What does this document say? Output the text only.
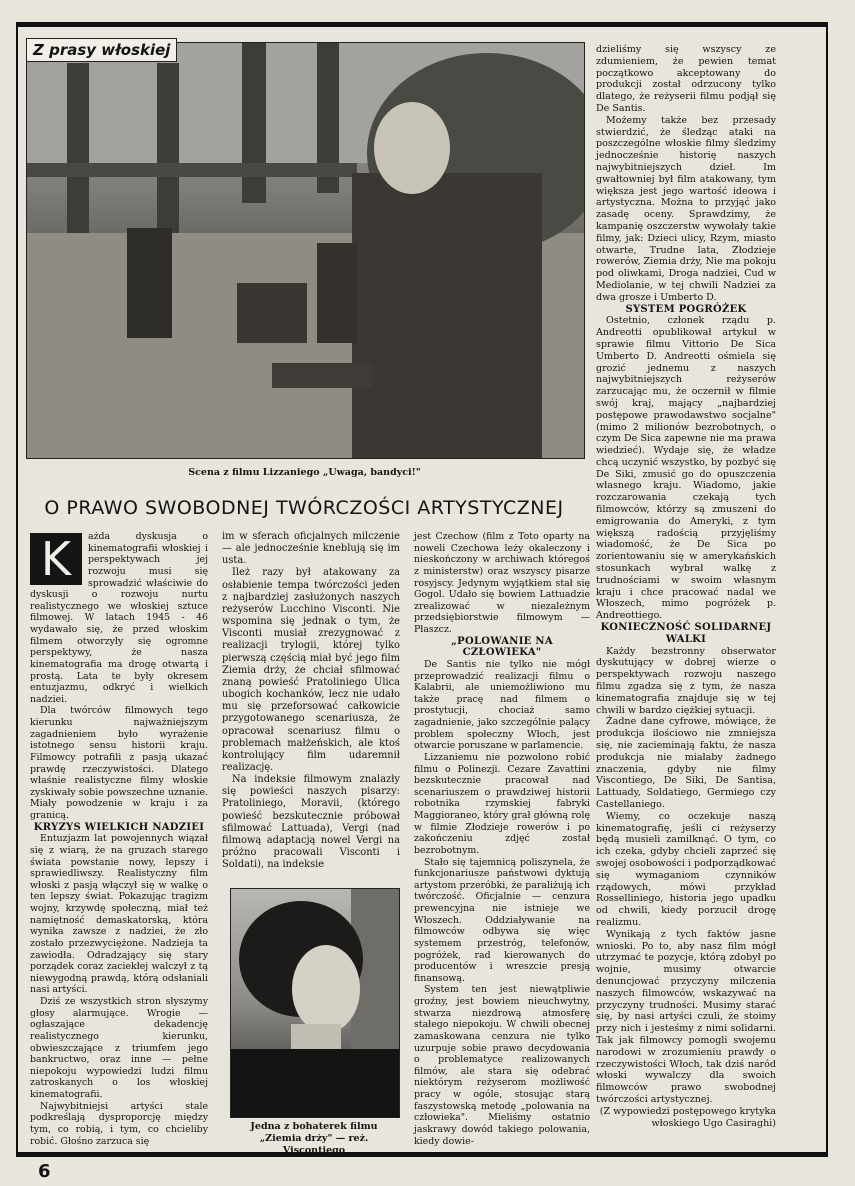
Z prasy włoskiej
Scena z filmu Lizzaniego „Uwaga, bandyci!"
O PRAWO SWOBODNEJ TWÓRCZOŚCI ARTYSTYCZNEJ

K	ażda dyskusja o kinematografii włoskiej i perspektywach jej rozwoju musi się sprowadzić właściwie do dyskusji o rozwoju nurtu realistycznego we włoskiej sztuce filmowej. W latach 1945 - 46 wydawało się, że przed włoskim filmem otworzyły się ogromne perspektywy, że nasza kinematografia ma drogę otwartą i prostą. Lata te były okresem entuzjazmu, odkryć i wielkich nadziei.

Dla twórców filmowych tego kierunku najważniejszym zagadnieniem było wyrażenie istotnego sensu historii kraju. Filmowcy potrafili z pasją ukazać prawdę rzeczywistości. Dlatego właśnie realistyczne filmy włoskie zyskiwały sobie powszechne uznanie. Miały powodzenie w kraju i za granicą.

KRYZYS WIELKICH NADZIEI

Entuzjazm lat powojennych wiązał się z wiarą, że na gruzach starego świata powstanie nowy, lepszy i sprawiedliwszy. Realistyczny film włoski z pasją włączył się w walkę o ten lepszy świat. Pokazując tragizm wojny, krzywdę społeczną, miał też namiętność demaskatorską, która wynika zawsze z nadziei, że zło zostało przezwyciężone. Nadzieja ta zawiodła. Odradzający się stary porządek coraz zaciekłej walczył z tą niewygodną prawdą, którą odsłaniali nasi artyści.

Dziś ze wszystkich stron słyszymy głosy alarmujące. Wrogie — ogłaszające dekadencję realistycznego kierunku, obwieszczające z triumfem jego bankructwo, oraz inne — pełne niepokoju wypowiedzi ludzi filmu zatroskanych o los włoskiej kinematografii.

Najwybitniejsi artyści stale podkreślają dysproporcję między tym, co robią, i tym, co chcieliby robić. Głośno zarzuca się

im w sferach oficjalnych milczenie — ale jednocześnie kneblują się im usta.

Ileż razy był atakowany za osłabienie tempa twórczości jeden z najbardziej zasłużonych naszych reżyserów Lucchino Visconti. Nie wspomina się jednak o tym, że Visconti musiał zrezygnować z realizacji trylogii, której tylko pierwszą częścią miał być jego film Ziemia drży, że chciał sfilmować znaną powieść Pratoliniego Ulica ubogich kochanków, lecz nie udało mu się przeforsować całkowicie przygotowanego scenariusza, że opracował scenariusz filmu o problemach małżeńskich, ale ktoś kontrolujący film udaremnił realizację.

Na indeksie filmowym znalazły się powieści naszych pisarzy: Pratoliniego, Moravii, (którego powieść bezskutecznie próbował sfilmować Lattuada), Vergi (nad filmową adaptacją nowel Vergi na próżno pracowali Visconti i Soldati), na indeksie

Jedna z bohaterek filmu „Ziemia drży" — reż. Viscontiego

jest Czechow (film z Toto oparty na noweli Czechowa leży okaleczony i nieskończony w archiwach któregoś z ministerstw) oraz wszyscy pisarze rosyjscy. Jedynym wyjątkiem stał się Gogol. Udało się bowiem Lattuadzie zrealizować w niezależnym przedsiębiorstwie filmowym — Płaszcz.

„POLOWANIE NA CZŁOWIEKA"

De Santis nie tylko nie mógł przeprowadzić realizacji filmu o Kalabrii, ale uniemożliwiono mu także pracę nad filmem o prostytucji, chociaż samo zagadnienie, jako szczególnie palący problem społeczny Włoch, jest otwarcie poruszane w parlamencie.

Lizzaniemu nie pozwolono robić filmu o Polinezji. Cezare Zavattini bezskutecznie pracował nad scenariuszem o prawdziwej historii robotnika rzymskiej fabryki Maggioraneo, który grał główną rolę w filmie Złodzieje rowerów i po zakończeniu zdjęć został bezrobotnym.

Stało się tajemnicą poliszynela, że funkcjonariusze państwowi dyktują artystom przeróbki, że paraliżują ich twórczość. Oficjalnie — cenzura prewencyjna nie istnieje we Włoszech. Oddziaływanie na filmowców odbywa się więc systemem przestróg, telefonów, pogróżek, rad kierowanych do producentów i wreszcie presją finansową.

System ten jest niewątpliwie groźny, jest bowiem nieuchwytny, stwarza niezdrową atmosferę stałego niepokoju. W chwili obecnej zamaskowana cenzura nie tylko uzurpuje sobie prawo decydowania o problematyce realizowanych filmów, ale stara się odebrać niektórym reżyserom możliwość pracy w ogóle, stosując starą faszystowską metodę „polowania na człowieka". Mieliśmy ostatnio jaskrawy dowód takiego polowania, kiedy dowie-

dzieliśmy się wszyscy ze zdumieniem, że pewien temat początkowo akceptowany do produkcji został odrzucony tylko dlatego, że reżyserii filmu podjął się De Santis.

Możemy także bez przesady stwierdzić, że śledząc ataki na poszczególne włoskie filmy śledzimy jednocześnie historię naszych najwybitniejszych dzieł. Im gwałtowniej był film atakowany, tym większa jest jego wartość ideowa i artystyczna. Można to przyjąć jako zasadę oceny. Sprawdzimy, że kampanię oszczerstw wywołały takie filmy, jak: Dzieci ulicy, Rzym, miasto otwarte, Trudne lata, Złodzieje rowerów, Ziemia drży, Nie ma pokoju pod oliwkami, Droga nadziei, Cud w Mediolanie, w tej chwili Nadziei za dwa grosze i Umberto D.

SYSTEM POGRÓŻEK

Ostetnio, członek rządu p. Andreotti opublikował artykuł w sprawie filmu Vittorio De Sica Umberto D. Andreotti ośmiela się grozić jednemu z naszych najwybitniejszych reżyserów zarzucając mu, że oczernił w filmie swój kraj, mający „najbardziej postępowe prawodawstwo socjalne" (mimo 2 milionów bezrobotnych, o czym De Sica zapewne nie ma prawa wiedzieć). Wydaje się, że władze chcą uczynić wszystko, by pozbyć się De Siki, zmusić go do opuszczenia własnego kraju. Wiadomo, jakie rozczarowania czekają tych filmowców, którzy są zmuszeni do emigrowania do Ameryki, z tym większą radością przyjęliśmy wiadomość, że De Sica po zorientowaniu się w amerykańskich stosunkach wybrał walkę z trudnościami w swoim własnym kraju i chce pracować nadal we Włoszech, mimo pogróżek p. Andreottiego.

KONIECZNOŚĆ SOLIDARNEJ WALKI

Każdy bezstronny obserwator dyskutujący w dobrej wierze o perspektywach rozwoju naszego filmu zgadza się z tym, że nasza kinematografia znajduje się w tej chwili w bardzo ciężkiej sytuacji.

Żadne dane cyfrowe, mówiące, że produkcja ilościowo nie zmniejsza się, nie zacieminają faktu, że nasza produkcja nie miałaby żadnego znaczenia, gdyby nie filmy Viscontiego, De Siki, De Santisa, Lattuady, Soldatiego, Germiego czy Castellaniego.

Wiemy, co oczekuje naszą kinematografię, jeśli ci reżyserzy będą musieli zamilknąć. O tym, co ich czeka, gdyby chcieli zaprzeć się swojej osobowości i podporządkować się wymaganiom czynników rządowych, mówi przykład Rosselliniego, historia jego upadku od chwili, kiedy porzucił drogę realizmu.

Wynikają z tych faktów jasne wnioski. Po to, aby nasz film mógł utrzymać te pozycje, którą zdobył po wojnie, musimy otwarcie denuncjować przyczyny milczenia naszych filmowców, wskazywać na przyczyny trudności. Musimy starać się, by nasi artyści czuli, że stoimy przy nich i jesteśmy z nimi solidarni. Tak jak filmowcy pomogli swojemu narodowi w zrozumieniu prawdy o rzeczywistości Włoch, tak dziś naród włoski wywalczy dla swoich filmowców prawo swobodnej twórczości artystycznej.

(Z wypowiedzi postępowego krytyka włoskiego Ugo Casiraghi)

6
